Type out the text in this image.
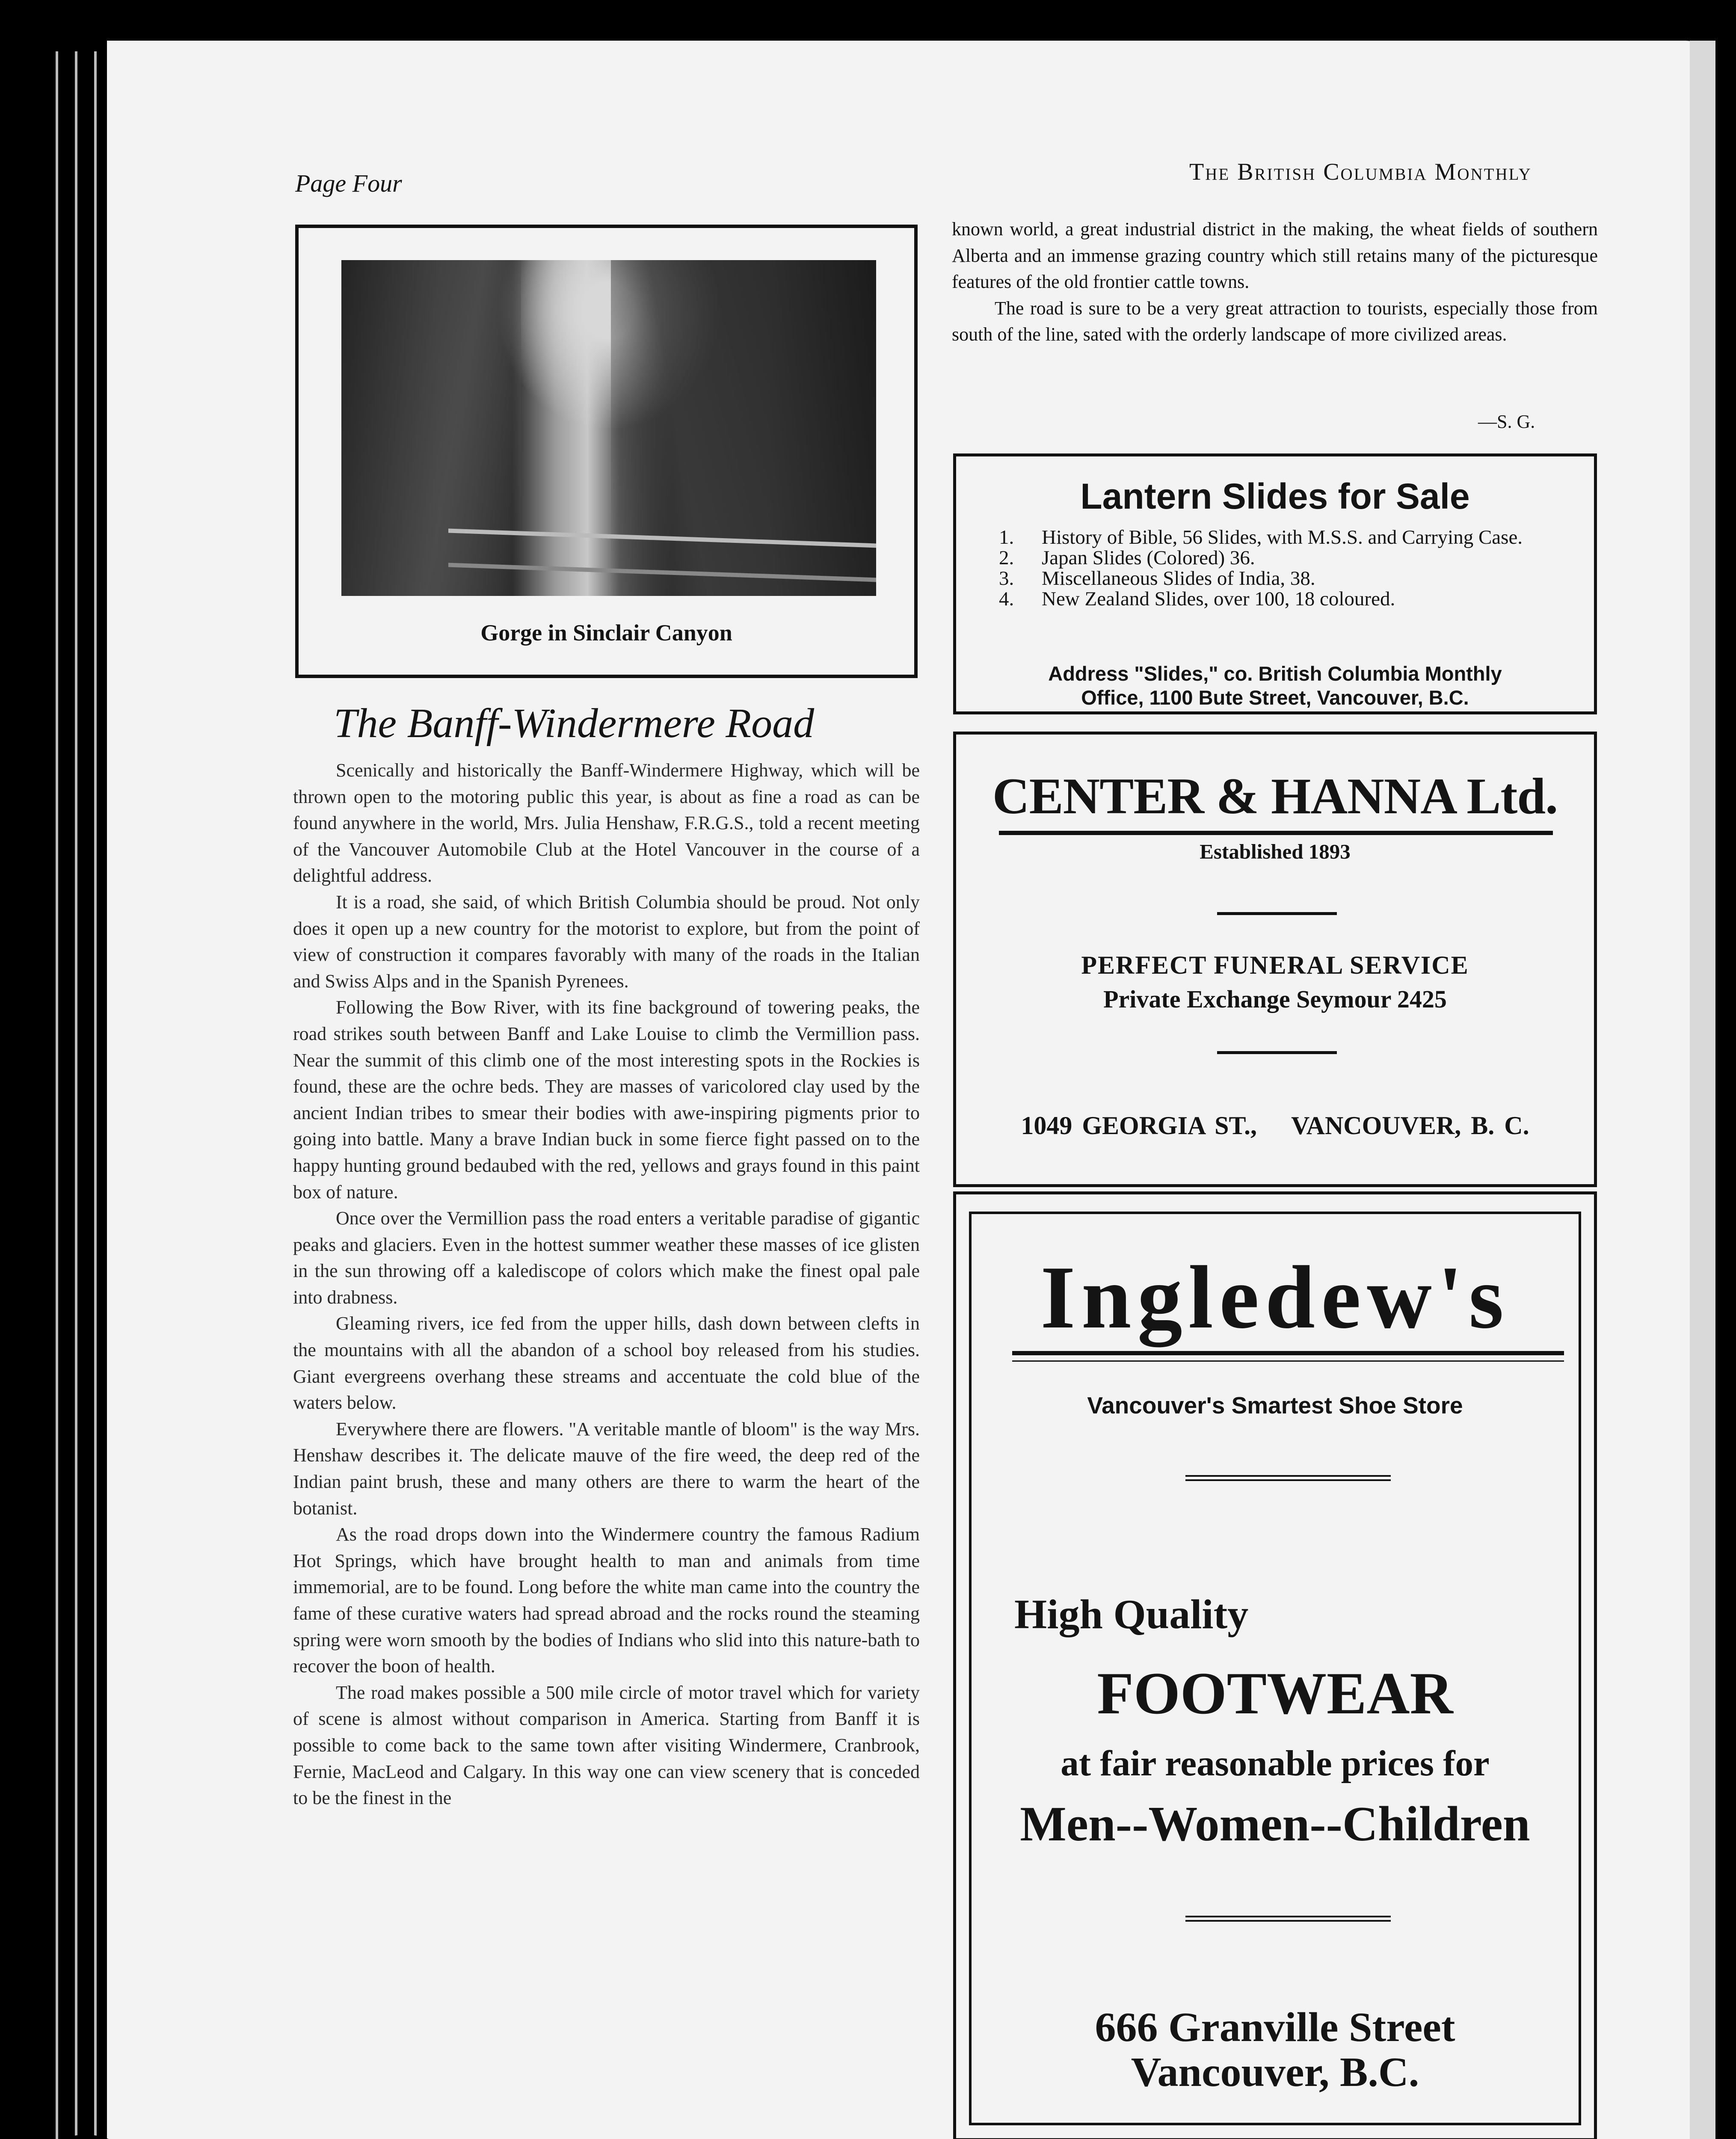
Page Four	The British Columbia Monthly
Gorge in Sinclair Canyon
The Banff-Windermere Road

Scenically and historically the Banff-Windermere Highway, which will be thrown open to the motoring public this year, is about as fine a road as can be found anywhere in the world, Mrs. Julia Henshaw, F.R.G.S., told a recent meeting of the Vancouver Automobile Club at the Hotel Vancouver in the course of a delightful address.

It is a road, she said, of which British Columbia should be proud. Not only does it open up a new country for the motorist to explore, but from the point of view of construction it compares favorably with many of the roads in the Italian and Swiss Alps and in the Spanish Pyrenees.

Following the Bow River, with its fine background of towering peaks, the road strikes south between Banff and Lake Louise to climb the Vermillion pass. Near the summit of this climb one of the most interesting spots in the Rockies is found, these are the ochre beds. They are masses of varicolored clay used by the ancient Indian tribes to smear their bodies with awe-inspiring pigments prior to going into battle. Many a brave Indian buck in some fierce fight passed on to the happy hunting ground bedaubed with the red, yellows and grays found in this paint box of nature.

Once over the Vermillion pass the road enters a veritable paradise of gigantic peaks and glaciers. Even in the hottest summer weather these masses of ice glisten in the sun throwing off a kalediscope of colors which make the finest opal pale into drabness.

Gleaming rivers, ice fed from the upper hills, dash down between clefts in the mountains with all the abandon of a school boy released from his studies. Giant evergreens overhang these streams and accentuate the cold blue of the waters below.

Everywhere there are flowers. "A veritable mantle of bloom" is the way Mrs. Henshaw describes it. The delicate mauve of the fire weed, the deep red of the Indian paint brush, these and many others are there to warm the heart of the botanist.

As the road drops down into the Windermere country the famous Radium Hot Springs, which have brought health to man and animals from time immemorial, are to be found. Long before the white man came into the country the fame of these curative waters had spread abroad and the rocks round the steaming spring were worn smooth by the bodies of Indians who slid into this nature-bath to recover the boon of health.

The road makes possible a 500 mile circle of motor travel which for variety of scene is almost without comparison in America. Starting from Banff it is possible to come back to the same town after visiting Windermere, Cranbrook, Fernie, MacLeod and Calgary. In this way one can view scenery that is conceded to be the finest in the

known world, a great industrial district in the making, the wheat fields of southern Alberta and an immense grazing country which still retains many of the picturesque features of the old frontier cattle towns.

The road is sure to be a very great attraction to tourists, especially those from south of the line, sated with the orderly landscape of more civilized areas.

—S. G.
Lantern Slides for Sale
1. History of Bible, 56 Slides, with M.S.S. and Carrying Case.
2. Japan Slides (Colored) 36.
3. Miscellaneous Slides of India, 38.
4. New Zealand Slides, over 100, 18 coloured.
Address "Slides," co. British Columbia Monthly
Office, 1100 Bute Street, Vancouver, B.C.
CENTER & HANNA Ltd.
Established 1893
PERFECT FUNERAL SERVICE
Private Exchange Seymour 2425
1049 GEORGIA ST., VANCOUVER, B. C.
Ingledew's
Vancouver's Smartest Shoe Store
High Quality
FOOTWEAR
at fair reasonable prices for
Men--Women--Children
666 Granville Street
Vancouver, B.C.
